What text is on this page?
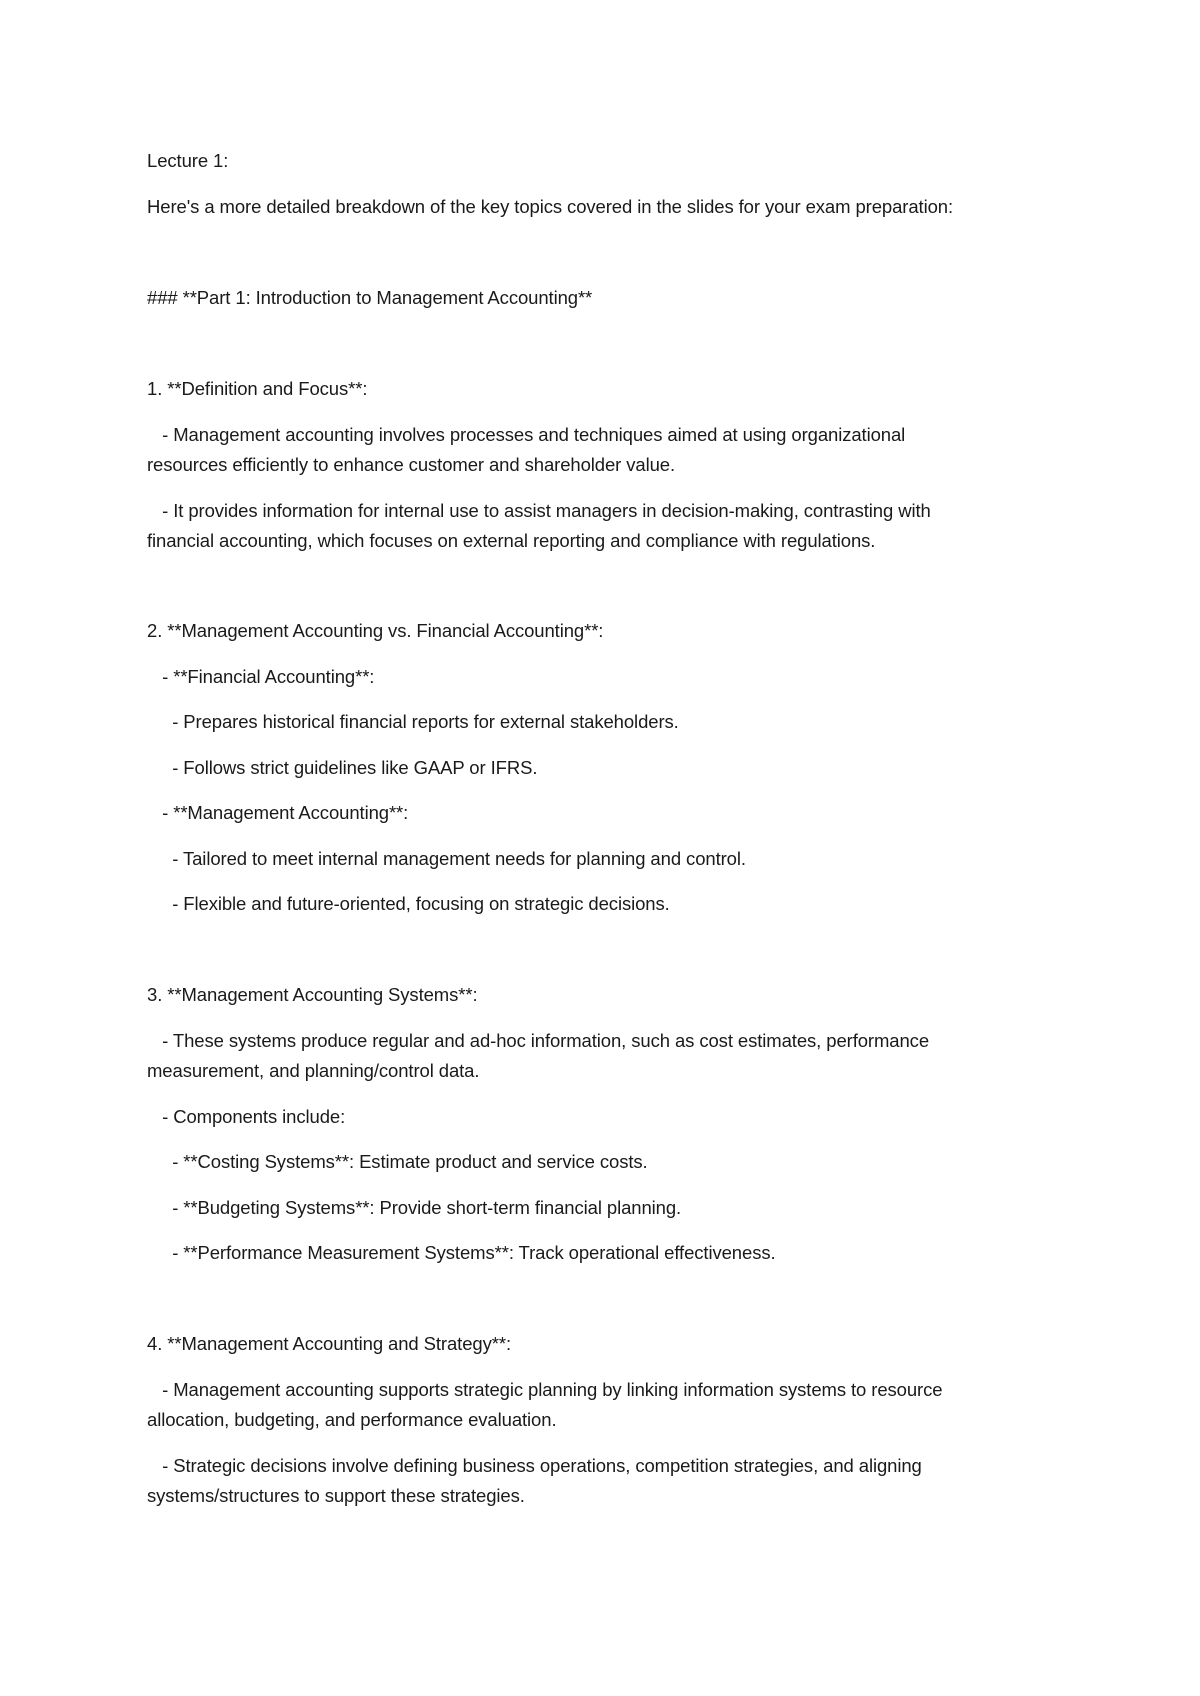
Lecture 1:

Here's a more detailed breakdown of the key topics covered in the slides for your exam preparation:

### **Part 1: Introduction to Management Accounting**

1. **Definition and Focus**:

- Management accounting involves processes and techniques aimed at using organizational

resources efficiently to enhance customer and shareholder value.

- It provides information for internal use to assist managers in decision-making, contrasting with

financial accounting, which focuses on external reporting and compliance with regulations.

2. **Management Accounting vs. Financial Accounting**:

- **Financial Accounting**:

- Prepares historical financial reports for external stakeholders.

- Follows strict guidelines like GAAP or IFRS.

- **Management Accounting**:

- Tailored to meet internal management needs for planning and control.

- Flexible and future-oriented, focusing on strategic decisions.

3. **Management Accounting Systems**:

- These systems produce regular and ad-hoc information, such as cost estimates, performance

measurement, and planning/control data.

- Components include:

- **Costing Systems**: Estimate product and service costs.

- **Budgeting Systems**: Provide short-term financial planning.

- **Performance Measurement Systems**: Track operational effectiveness.

4. **Management Accounting and Strategy**:

- Management accounting supports strategic planning by linking information systems to resource

allocation, budgeting, and performance evaluation.

- Strategic decisions involve defining business operations, competition strategies, and aligning

systems/structures to support these strategies.
